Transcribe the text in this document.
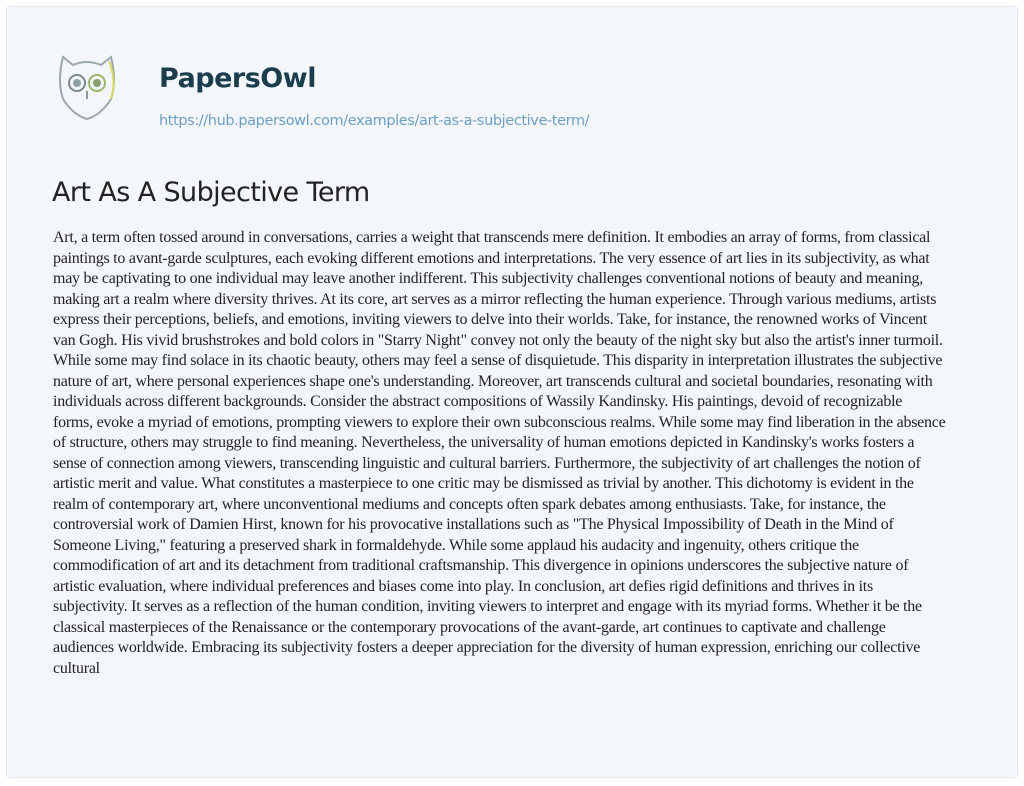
PapersOwl
https://hub.papersowl.com/examples/art-as-a-subjective-term/
Art As A Subjective Term
Art, a term often tossed around in conversations, carries a weight that transcends mere definition. It embodies an array of forms, from classical
paintings to avant-garde sculptures, each evoking different emotions and interpretations. The very essence of art lies in its subjectivity, as what
may be captivating to one individual may leave another indifferent. This subjectivity challenges conventional notions of beauty and meaning,
making art a realm where diversity thrives. At its core, art serves as a mirror reflecting the human experience. Through various mediums, artists
express their perceptions, beliefs, and emotions, inviting viewers to delve into their worlds. Take, for instance, the renowned works of Vincent
van Gogh. His vivid brushstrokes and bold colors in "Starry Night" convey not only the beauty of the night sky but also the artist's inner turmoil.
While some may find solace in its chaotic beauty, others may feel a sense of disquietude. This disparity in interpretation illustrates the subjective
nature of art, where personal experiences shape one's understanding. Moreover, art transcends cultural and societal boundaries, resonating with
individuals across different backgrounds. Consider the abstract compositions of Wassily Kandinsky. His paintings, devoid of recognizable
forms, evoke a myriad of emotions, prompting viewers to explore their own subconscious realms. While some may find liberation in the absence
of structure, others may struggle to find meaning. Nevertheless, the universality of human emotions depicted in Kandinsky's works fosters a
sense of connection among viewers, transcending linguistic and cultural barriers. Furthermore, the subjectivity of art challenges the notion of
artistic merit and value. What constitutes a masterpiece to one critic may be dismissed as trivial by another. This dichotomy is evident in the
realm of contemporary art, where unconventional mediums and concepts often spark debates among enthusiasts. Take, for instance, the
controversial work of Damien Hirst, known for his provocative installations such as "The Physical Impossibility of Death in the Mind of
Someone Living," featuring a preserved shark in formaldehyde. While some applaud his audacity and ingenuity, others critique the
commodification of art and its detachment from traditional craftsmanship. This divergence in opinions underscores the subjective nature of
artistic evaluation, where individual preferences and biases come into play. In conclusion, art defies rigid definitions and thrives in its
subjectivity. It serves as a reflection of the human condition, inviting viewers to interpret and engage with its myriad forms. Whether it be the
classical masterpieces of the Renaissance or the contemporary provocations of the avant-garde, art continues to captivate and challenge
audiences worldwide. Embracing its subjectivity fosters a deeper appreciation for the diversity of human expression, enriching our collective
cultural
